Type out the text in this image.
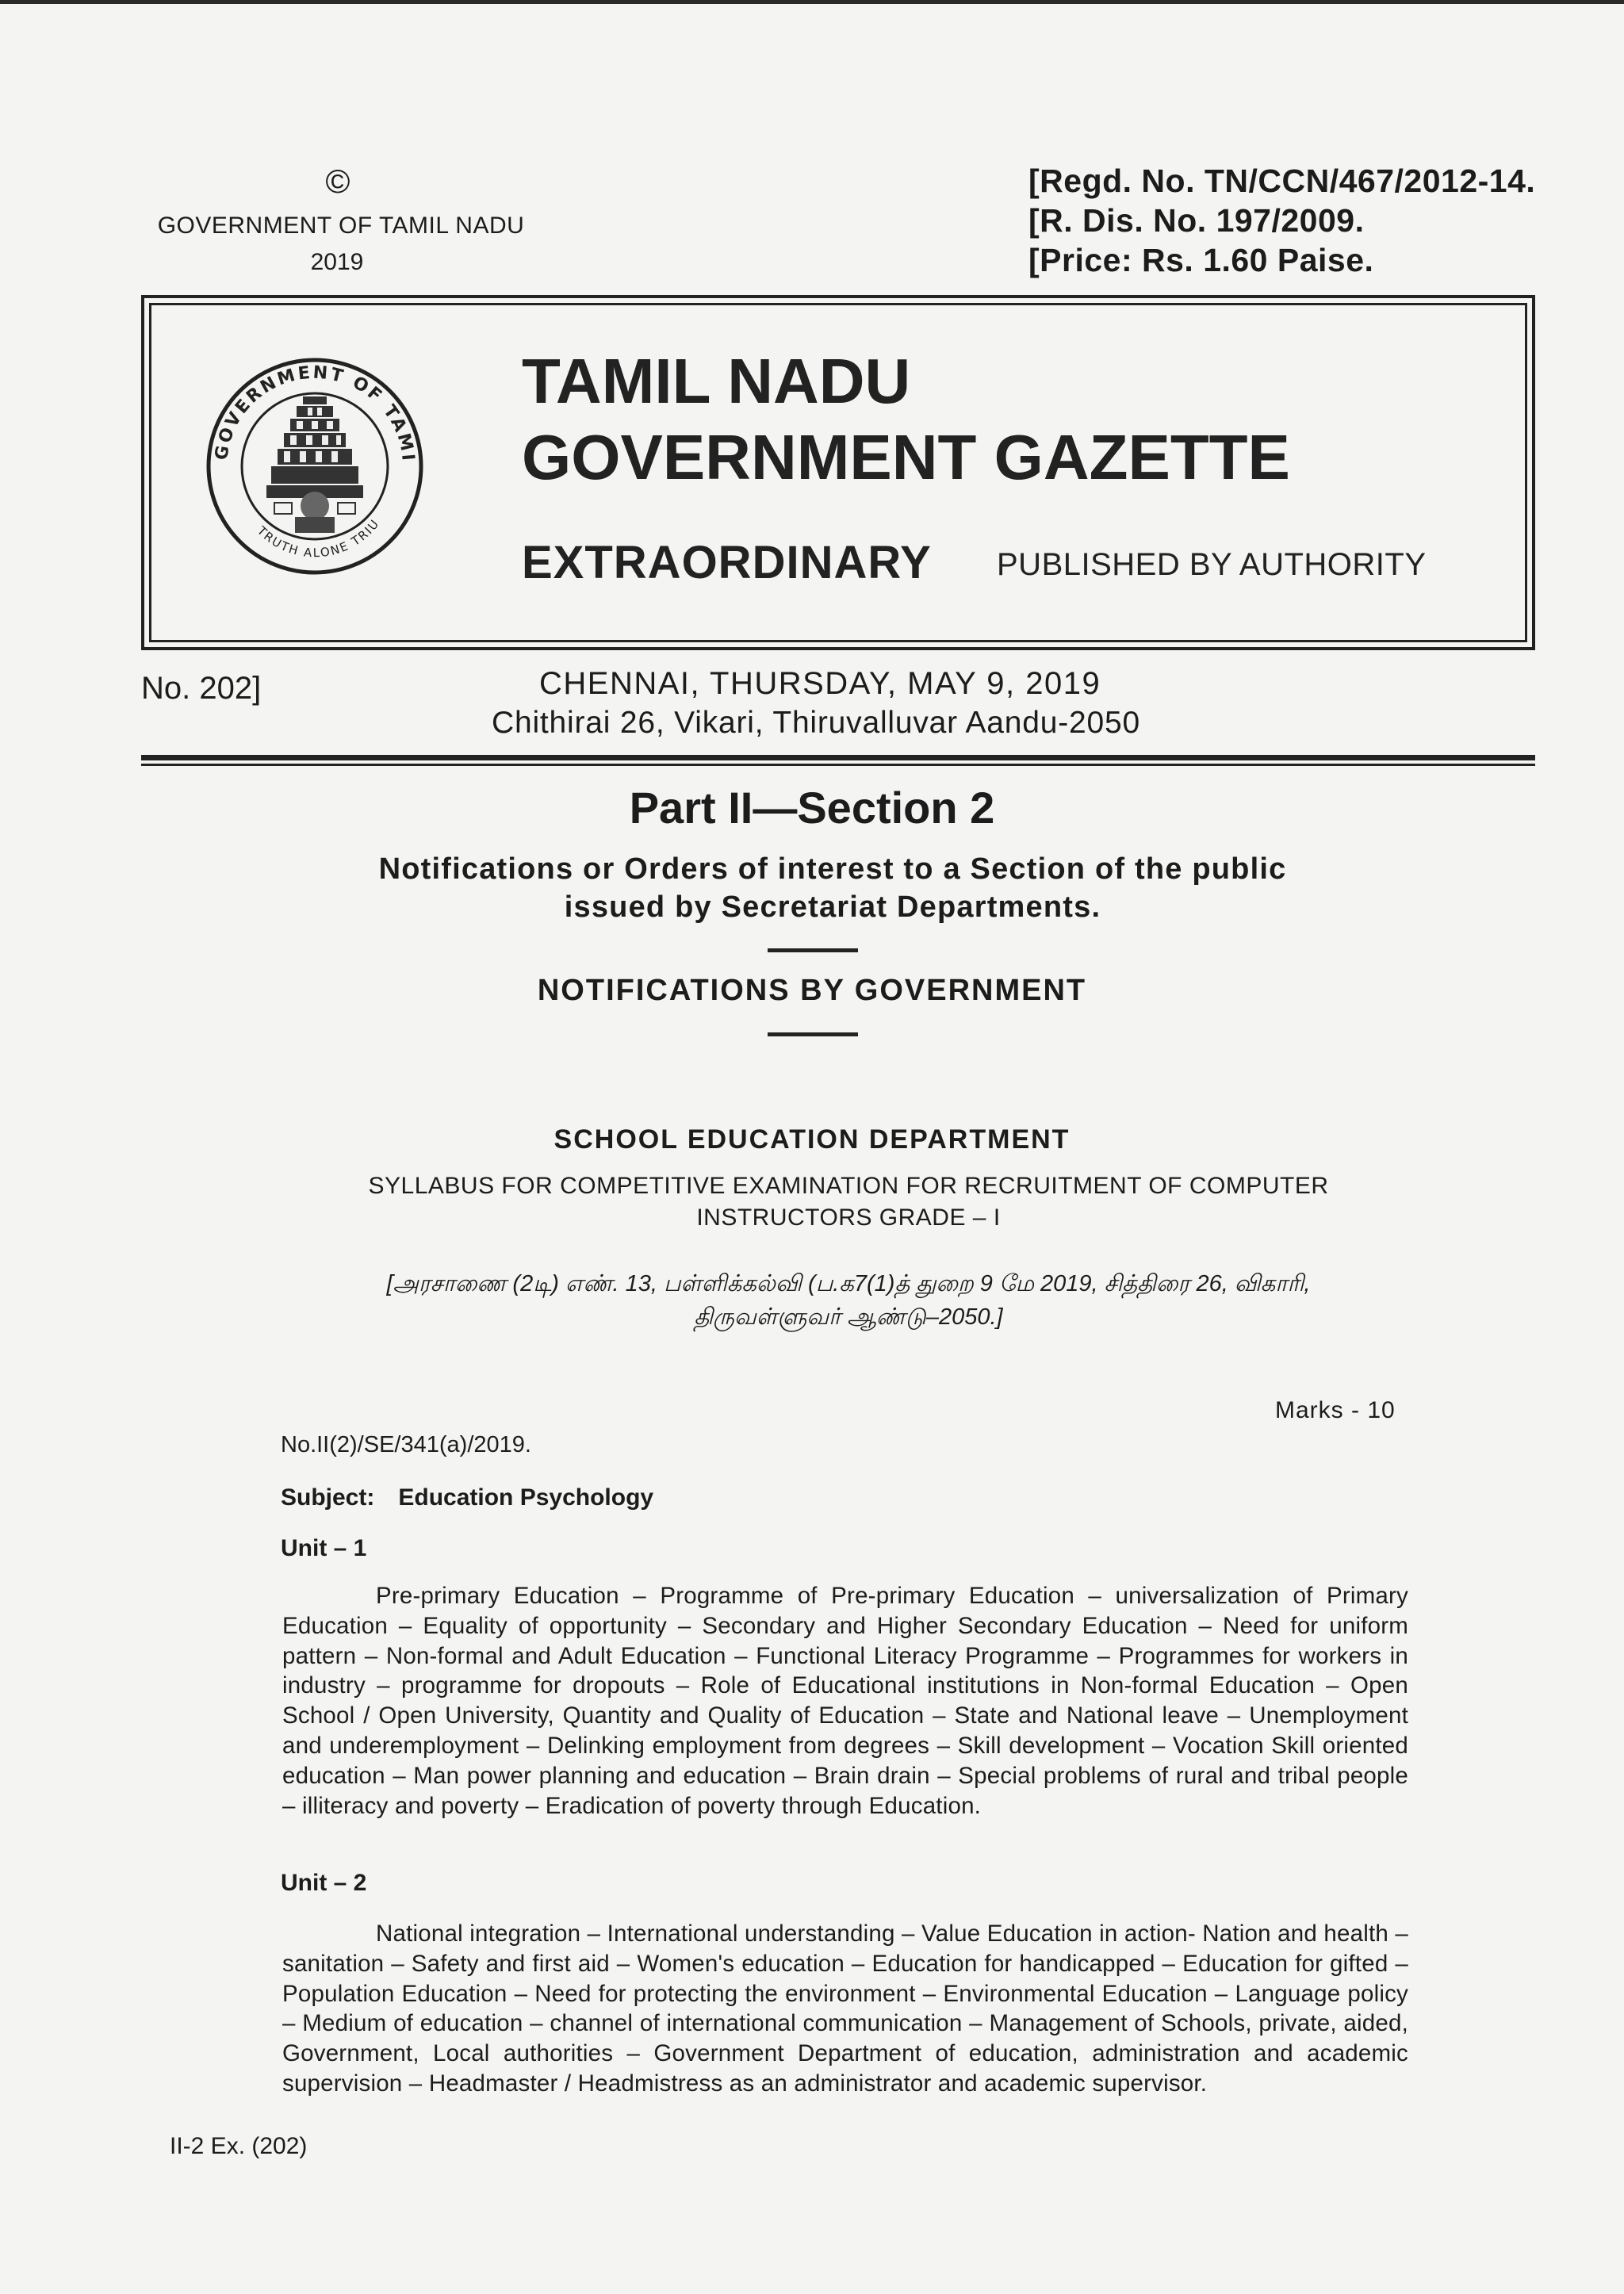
©
GOVERNMENT OF TAMIL NADU
2019
[Regd. No. TN/CCN/467/2012-14.
[R. Dis. No. 197/2009.
[Price: Rs. 1.60 Paise.
GOVERNMENT OF TAMI
TRUTH ALONE TRIU
TAMIL NADU
GOVERNMENT GAZETTE
EXTRAORDINARY PUBLISHED BY AUTHORITY
No. 202]	CHENNAI, THURSDAY, MAY 9, 2019
Chithirai 26, Vikari, Thiruvalluvar Aandu-2050
Part II—Section 2
Notifications or Orders of interest to a Section of the public
issued by Secretariat Departments.
NOTIFICATIONS BY GOVERNMENT
SCHOOL EDUCATION DEPARTMENT
SYLLABUS FOR COMPETITIVE EXAMINATION FOR RECRUITMENT OF COMPUTER
INSTRUCTORS GRADE – I
[அரசாணை (2டி) எண். 13, பள்ளிக்கல்வி (ப.க7(1)த் துறை 9 மே 2019, சித்திரை 26, விகாரி,
திருவள்ளுவர் ஆண்டு–2050.]
Marks - 10
No.II(2)/SE/341(a)/2019.
Subject: Education Psychology
Unit – 1
Pre-primary Education – Programme of Pre-primary Education – universalization of Primary Education – Equality of opportunity – Secondary and Higher Secondary Education – Need for uniform pattern – Non-formal and Adult Education – Functional Literacy Programme – Programmes for workers in industry – programme for dropouts – Role of Educational institutions in Non-formal Education – Open School / Open University, Quantity and Quality of Education – State and National leave – Unemployment and underemployment – Delinking employment from degrees – Skill development – Vocation Skill oriented education – Man power planning and education – Brain drain – Special problems of rural and tribal people – illiteracy and poverty – Eradication of poverty through Education.
Unit – 2
National integration – International understanding – Value Education in action- Nation and health – sanitation – Safety and first aid – Women's education – Education for handicapped – Education for gifted – Population Education – Need for protecting the environment – Environmental Education – Language policy – Medium of education – channel of international communication – Management of Schools, private, aided, Government, Local authorities – Government Department of education, administration and academic supervision – Headmaster / Headmistress as an administrator and academic supervisor.
II-2 Ex. (202)
